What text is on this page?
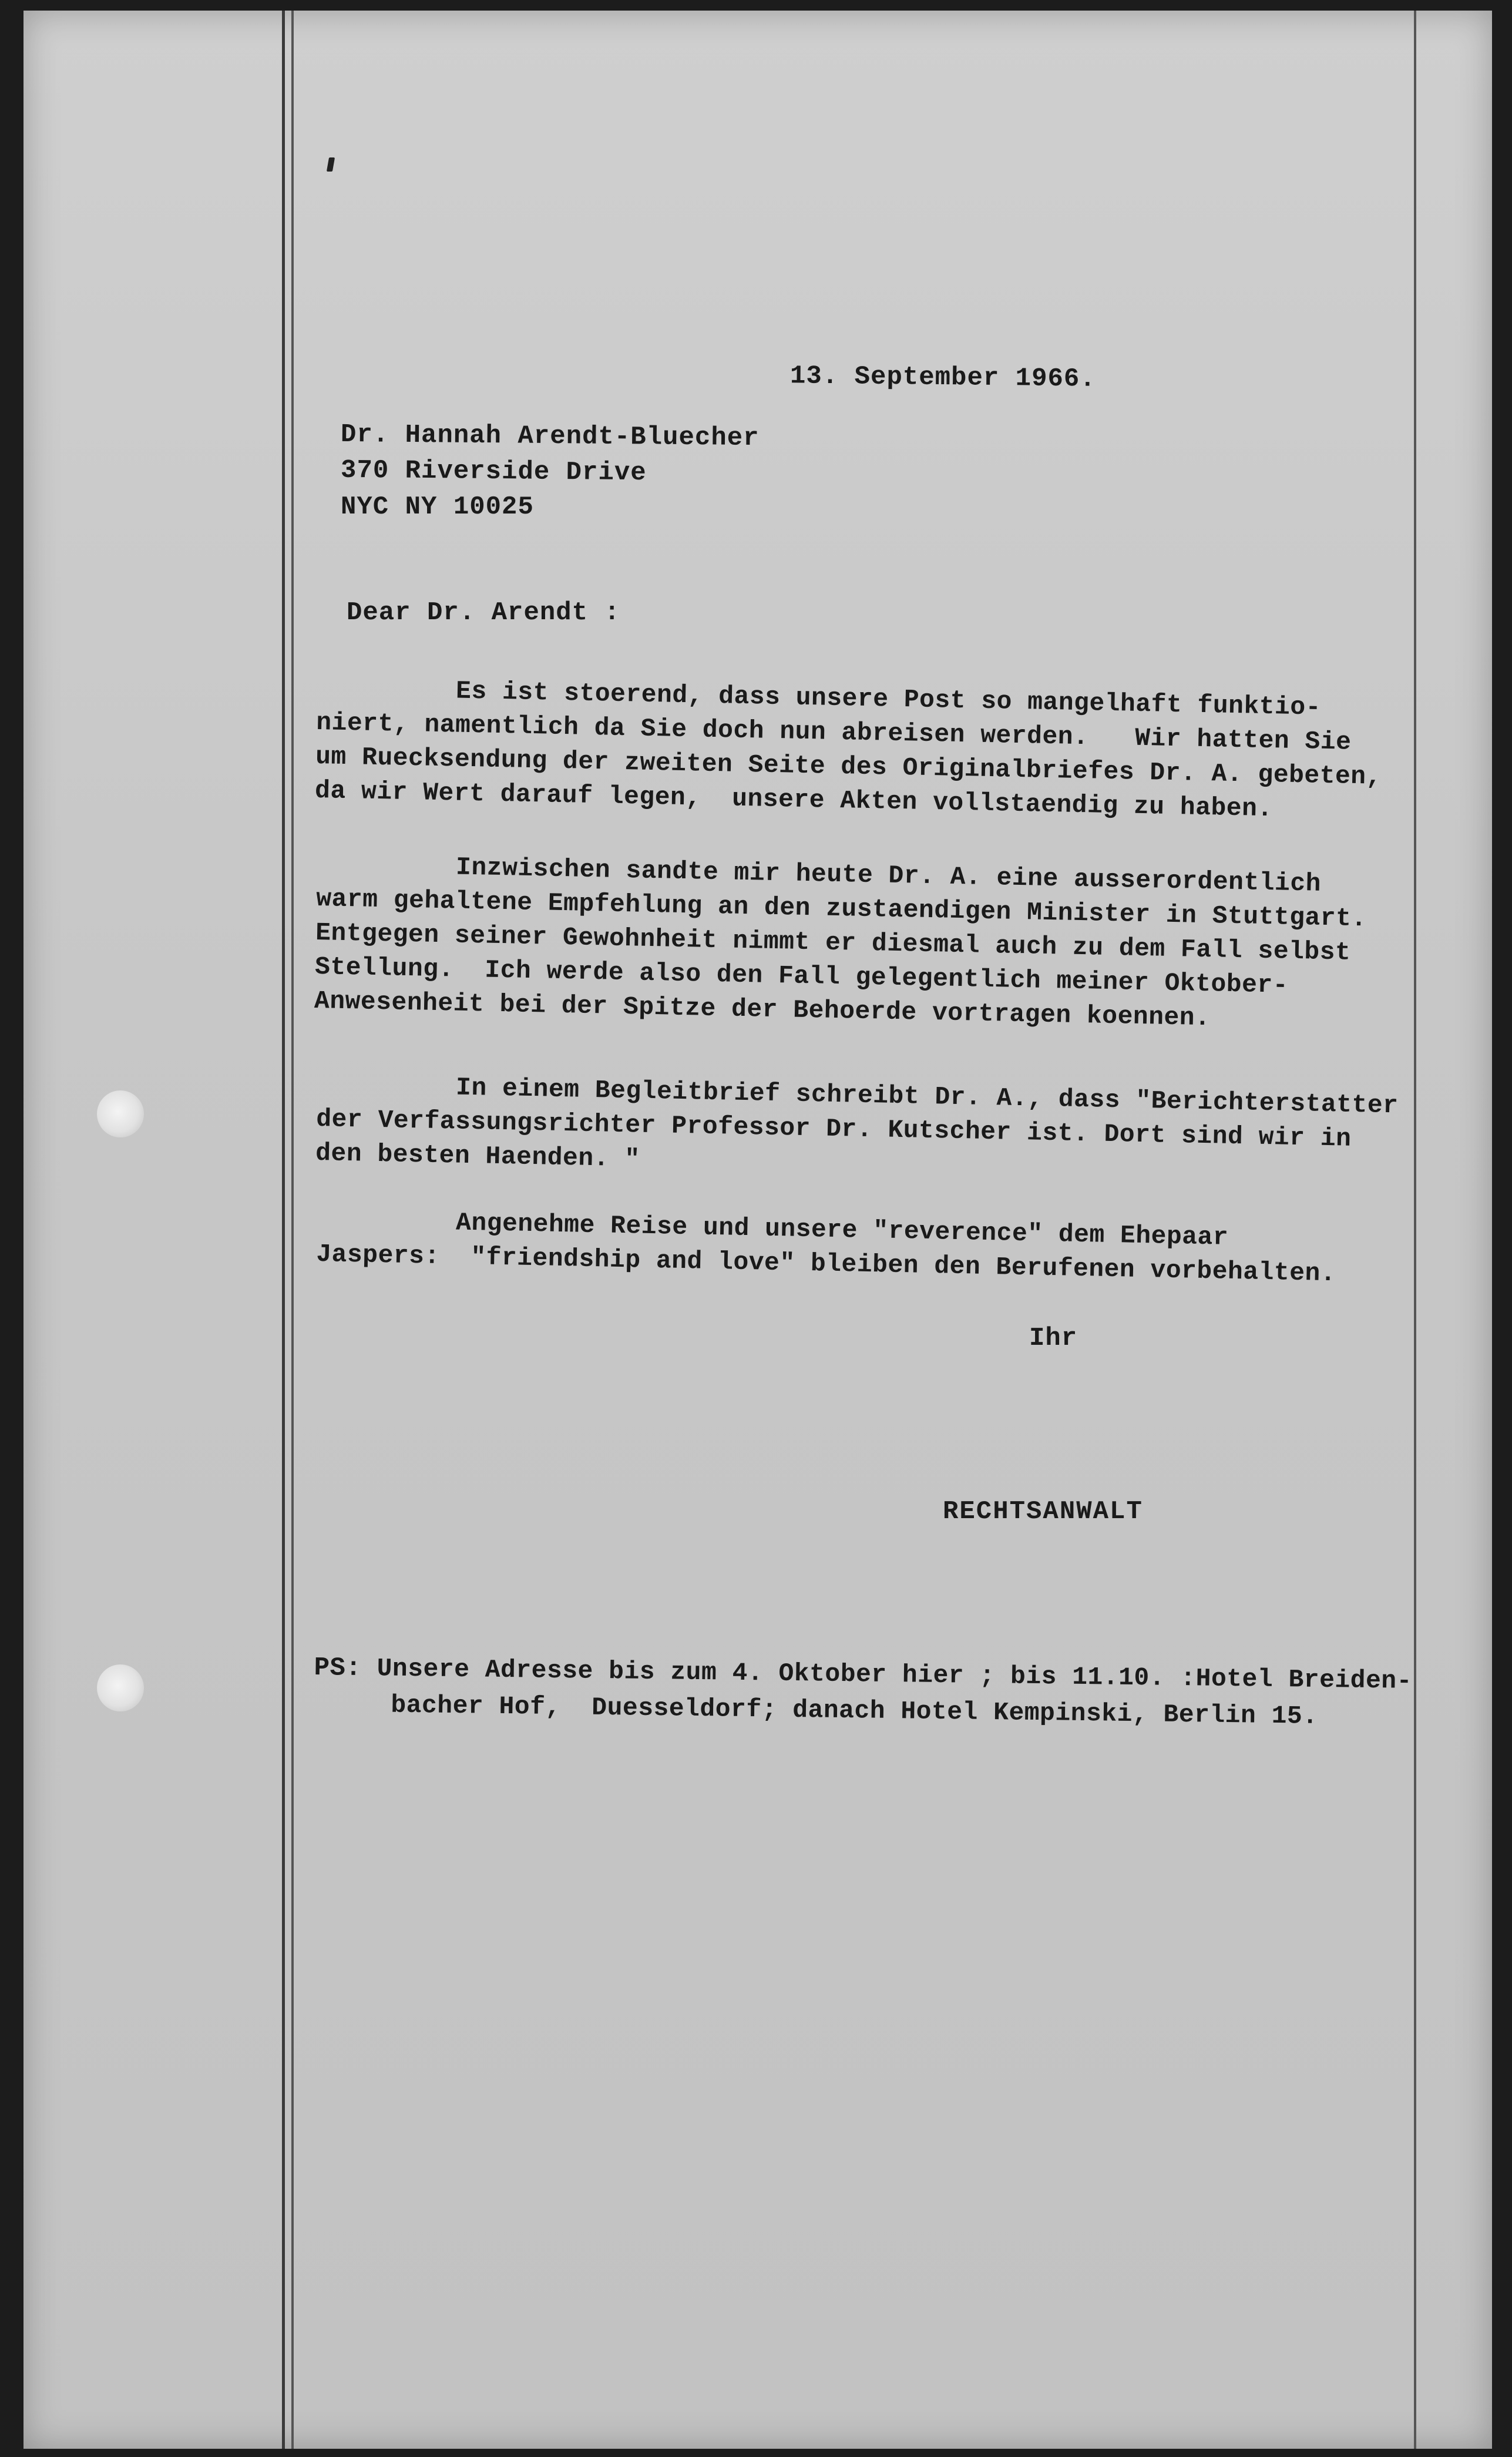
13. September 1966.
Dr. Hannah Arendt-Bluecher
370 Riverside Drive
NYC NY 10025
Dear Dr. Arendt :
Es ist stoerend, dass unsere Post so mangelhaft funktio-
niert, namentlich da Sie doch nun abreisen werden.   Wir hatten Sie
um Ruecksendung der zweiten Seite des Originalbriefes Dr. A. gebeten,
da wir Wert darauf legen,  unsere Akten vollstaendig zu haben.
Inzwischen sandte mir heute Dr. A. eine ausserordentlich
warm gehaltene Empfehlung an den zustaendigen Minister in Stuttgart.
Entgegen seiner Gewohnheit nimmt er diesmal auch zu dem Fall selbst
Stellung.  Ich werde also den Fall gelegentlich meiner Oktober-
Anwesenheit bei der Spitze der Behoerde vortragen koennen.
In einem Begleitbrief schreibt Dr. A., dass "Berichterstatter
der Verfassungsrichter Professor Dr. Kutscher ist. Dort sind wir in
den besten Haenden. "
Angenehme Reise und unsere "reverence" dem Ehepaar
Jaspers:  "friendship and love" bleiben den Berufenen vorbehalten.
Ihr
RECHTSANWALT
PS: Unsere Adresse bis zum 4. Oktober hier ; bis 11.10. :Hotel Breiden-
bacher Hof,  Duesseldorf; danach Hotel Kempinski, Berlin 15.
